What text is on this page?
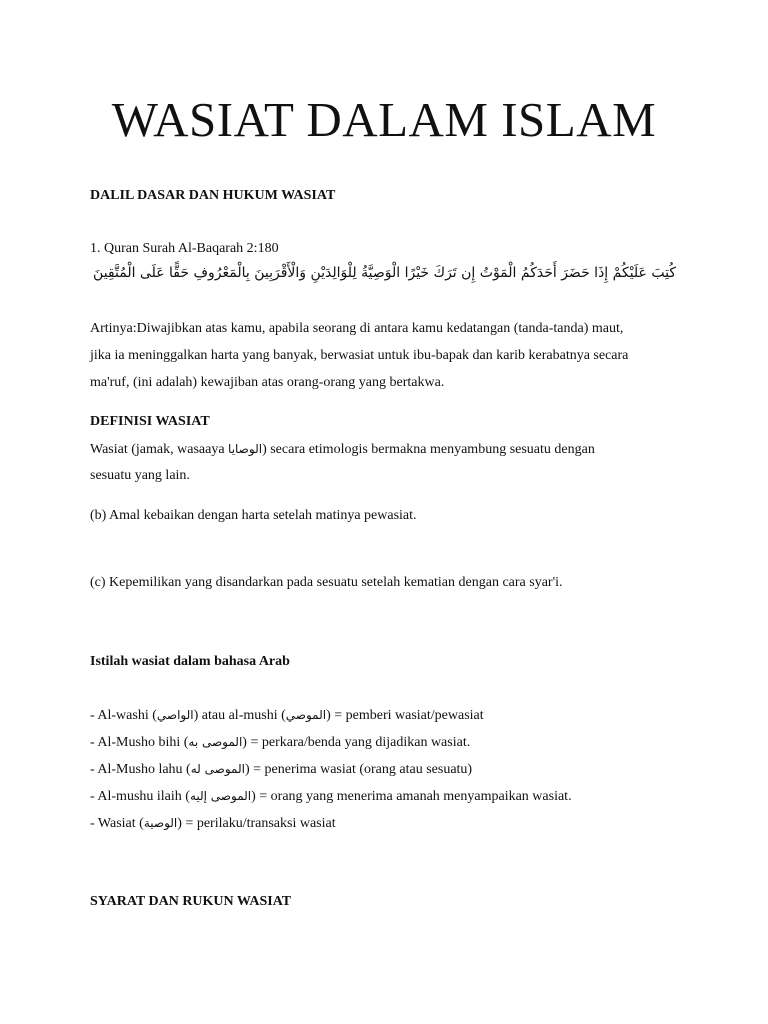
WASIAT DALAM ISLAM

DALIL DASAR DAN HUKUM WASIAT

1. Quran Surah Al-Baqarah 2:180

كُتِبَ عَلَيْكُمْ إِذَا حَضَرَ أَحَدَكُمُ الْمَوْتُ إِن تَرَكَ خَيْرًا الْوَصِيَّةُ لِلْوَالِدَيْنِ وَالْأَقْرَبِينَ بِالْمَعْرُوفِ حَقًّا عَلَى الْمُتَّقِينَ

Artinya:Diwajibkan atas kamu, apabila seorang di antara kamu kedatangan (tanda-tanda) maut,

jika ia meninggalkan harta yang banyak, berwasiat untuk ibu-bapak dan karib kerabatnya secara

ma'ruf, (ini adalah) kewajiban atas orang-orang yang bertakwa.

DEFINISI WASIAT

Wasiat (jamak, wasaaya الوصايا) secara etimologis bermakna menyambung sesuatu dengan

sesuatu yang lain.

(b) Amal kebaikan dengan harta setelah matinya pewasiat.

(c) Kepemilikan yang disandarkan pada sesuatu setelah kematian dengan cara syar'i.

Istilah wasiat dalam bahasa Arab

- Al-washi (الواصي) atau al-mushi (الموصي) = pemberi wasiat/pewasiat

- Al-Musho bihi (الموصى به) = perkara/benda yang dijadikan wasiat.

- Al-Musho lahu (الموصى له) = penerima wasiat (orang atau sesuatu)

- Al-mushu ilaih (الموصى إليه) = orang yang menerima amanah menyampaikan wasiat.

- Wasiat (الوصية) = perilaku/transaksi wasiat

SYARAT DAN RUKUN WASIAT
